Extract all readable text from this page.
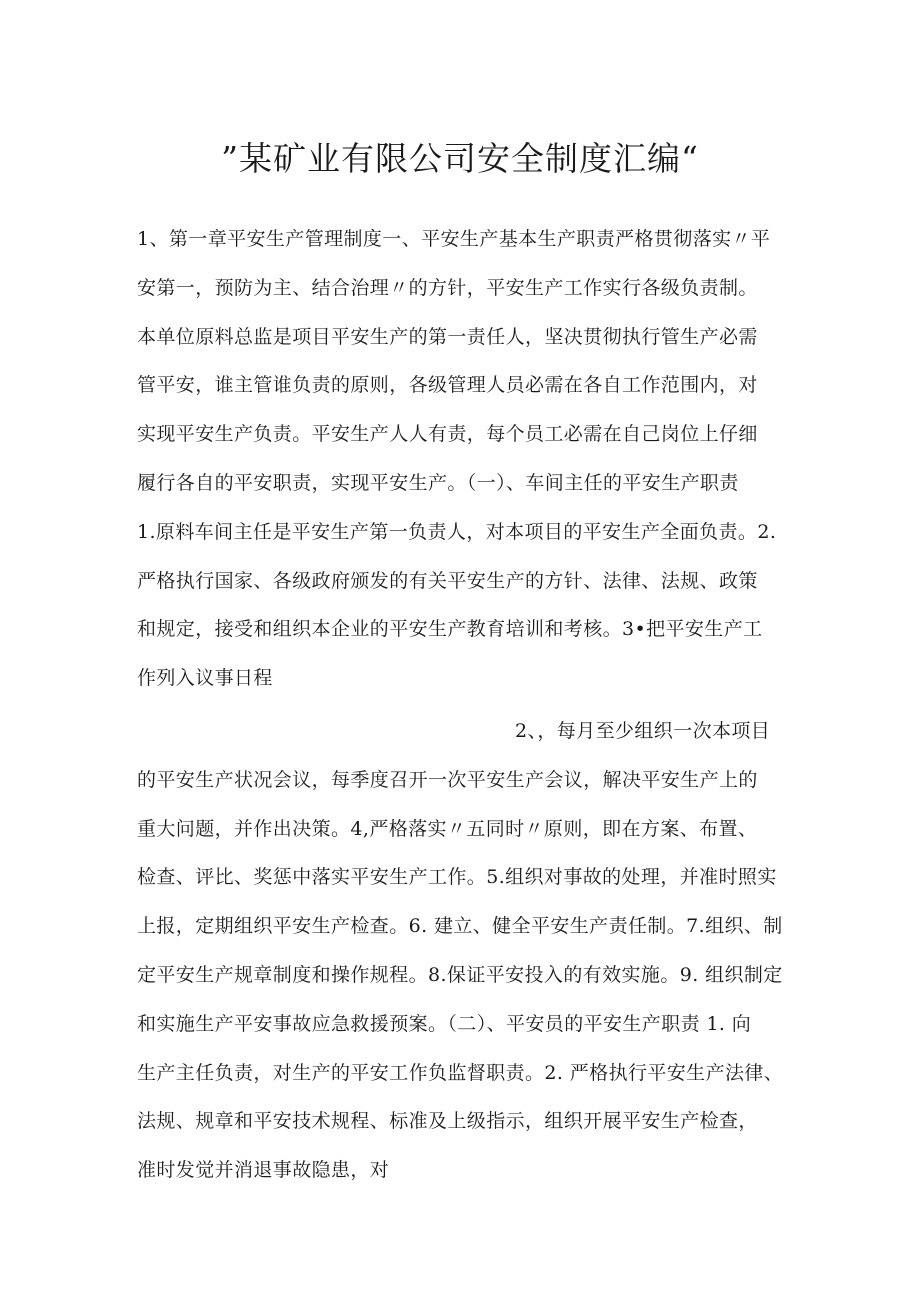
”某矿业有限公司安全制度汇编“
1、第一章平安生产管理制度一、平安生产基本生产职责严格贯彻落实〃平
安第一，预防为主、结合治理〃的方针，平安生产工作实行各级负责制。
本单位原料总监是项目平安生产的第一责任人，坚决贯彻执行管生产必需
管平安，谁主管谁负责的原则，各级管理人员必需在各自工作范围内，对
实现平安生产负责。平安生产人人有责，每个员工必需在自己岗位上仔细
履行各自的平安职责，实现平安生产。（一）、车间主任的平安生产职责
1.原料车间主任是平安生产第一负责人，对本项目的平安生产全面负责。2.
严格执行国家、各级政府颁发的有关平安生产的方针、法律、法规、政策
和规定，接受和组织本企业的平安生产教育培训和考核。3•把平安生产工
作列入议事日程
2、，每月至少组织一次本项目
的平安生产状况会议，每季度召开一次平安生产会议，解决平安生产上的
重大问题，并作出决策。4,严格落实〃五同时〃原则，即在方案、布置、
检查、评比、奖惩中落实平安生产工作。5.组织对事故的处理，并准时照实
上报，定期组织平安生产检查。6. 建立、健全平安生产责任制。7.组织、制
定平安生产规章制度和操作规程。8.保证平安投入的有效实施。9. 组织制定
和实施生产平安事故应急救援预案。（二）、平安员的平安生产职责 1. 向
生产主任负责，对生产的平安工作负监督职责。2. 严格执行平安生产法律、
法规、规章和平安技术规程、标准及上级指示，组织开展平安生产检查，
准时发觉并消退事故隐患，对
